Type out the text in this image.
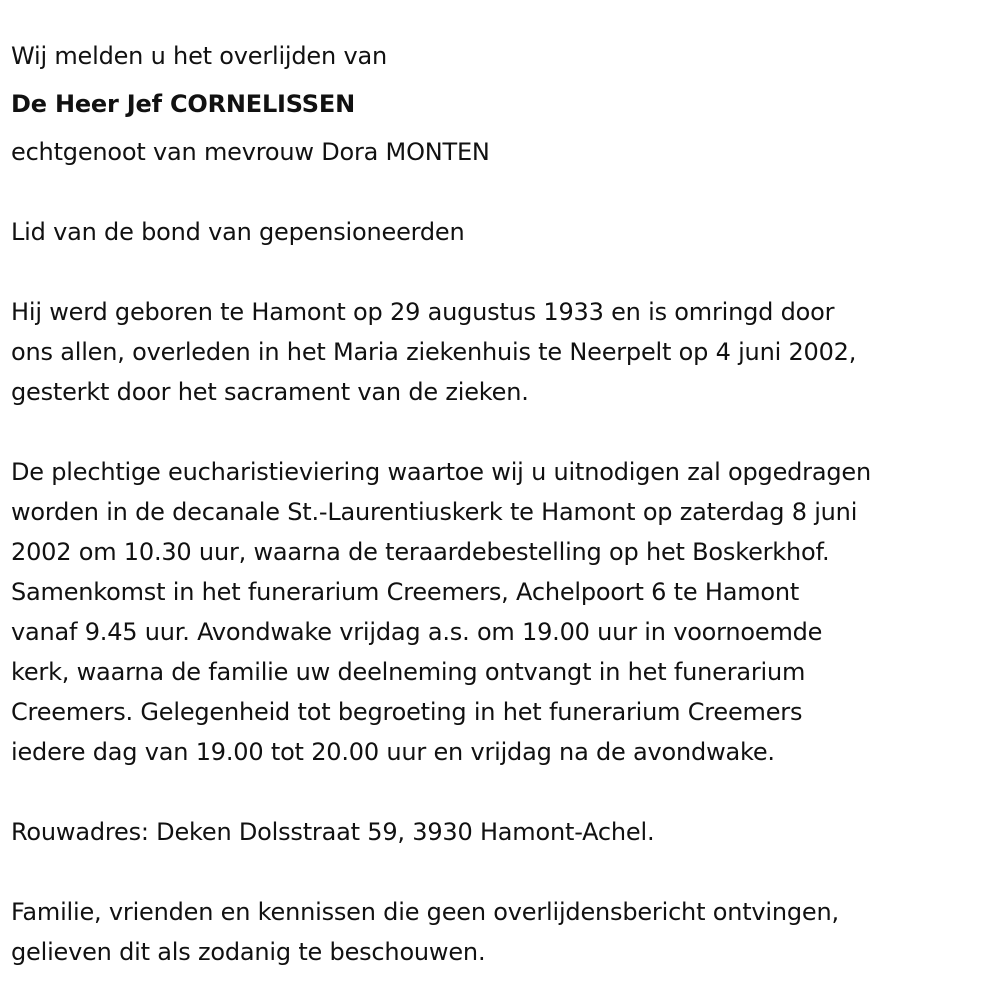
Wij melden u het overlijden van

De Heer Jef CORNELISSEN

echtgenoot van mevrouw Dora MONTEN

Lid van de bond van gepensioneerden

Hij werd geboren te Hamont op 29 augustus 1933 en is omringd door

ons allen, overleden in het Maria ziekenhuis te Neerpelt op 4 juni 2002,

gesterkt door het sacrament van de zieken.

De plechtige eucharistieviering waartoe wij u uitnodigen zal opgedragen

worden in de decanale St.-Laurentiuskerk te Hamont op zaterdag 8 juni

2002 om 10.30 uur, waarna de teraardebestelling op het Boskerkhof.

Samenkomst in het funerarium Creemers, Achelpoort 6 te Hamont

vanaf 9.45 uur. Avondwake vrijdag a.s. om 19.00 uur in voornoemde

kerk, waarna de familie uw deelneming ontvangt in het funerarium

Creemers. Gelegenheid tot begroeting in het funerarium Creemers

iedere dag van 19.00 tot 20.00 uur en vrijdag na de avondwake.

Rouwadres: Deken Dolsstraat 59, 3930 Hamont-Achel.

Familie, vrienden en kennissen die geen overlijdensbericht ontvingen,

gelieven dit als zodanig te beschouwen.
